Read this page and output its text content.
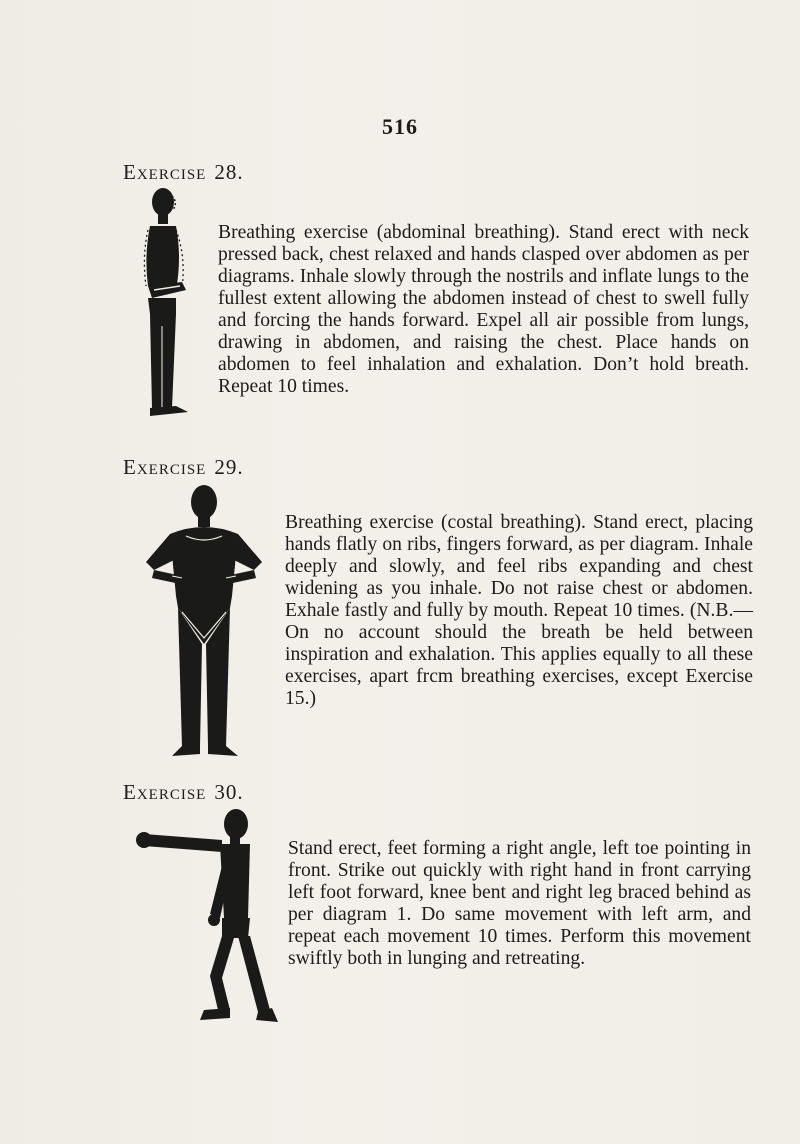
516
Exercise 28.
Breathing exercise (abdominal breathing). Stand erect with neck pressed back, chest relaxed and hands clasped over abdomen as per diagrams. Inhale slowly through the nostrils and inflate lungs to the fullest extent allowing the abdomen instead of chest to swell fully and forcing the hands forward. Expel all air possible from lungs, drawing in abdomen, and raising the chest. Place hands on abdomen to feel inhalation and exhalation. Don’t hold breath. Repeat 10 times.
Exercise 29.
Breathing exercise (costal breathing). Stand erect, placing hands flatly on ribs, fingers forward, as per diagram. Inhale deeply and slowly, and feel ribs expanding and chest widening as you inhale. Do not raise chest or abdomen. Exhale fastly and fully by mouth. Repeat 10 times. (N.B.—On no account should the breath be held between inspiration and exhalation. This applies equally to all these exercises, apart frcm breathing exercises, except Exercise 15.)
Exercise 30.
Stand erect, feet forming a right angle, left toe pointing in front. Strike out quickly with right hand in front carrying left foot forward, knee bent and right leg braced behind as per diagram 1. Do same movement with left arm, and repeat each movement 10 times. Perform this movement swiftly both in lunging and retreating.
